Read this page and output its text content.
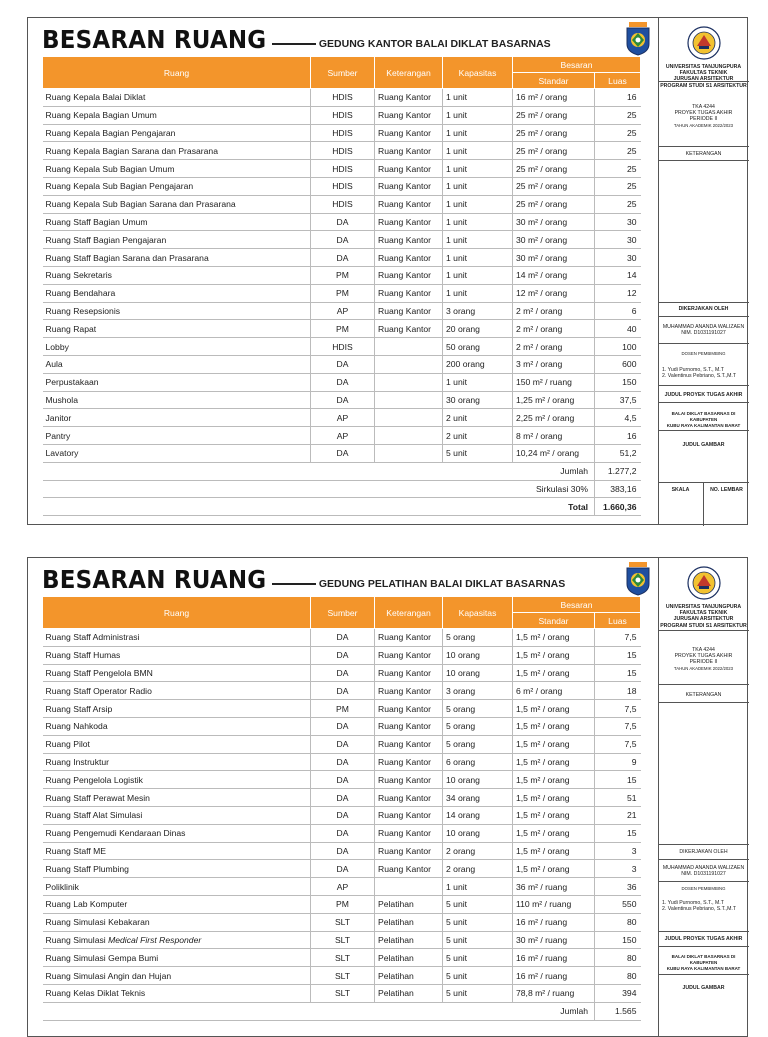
BESARAN RUANG	GEDUNG KANTOR BALAI DIKLAT BASARNAS
Ruang	Sumber	Keterangan	Kapasitas	Besaran	
				Standar	Luas
Ruang Kepala Balai Diklat	HDIS	Ruang Kantor	1 unit	16 m² / orang	16
Ruang Kepala Bagian Umum	HDIS	Ruang Kantor	1 unit	25 m² / orang	25
Ruang Kepala Bagian Pengajaran	HDIS	Ruang Kantor	1 unit	25 m² / orang	25
Ruang Kepala Bagian Sarana dan Prasarana	HDIS	Ruang Kantor	1 unit	25 m² / orang	25
Ruang Kepala Sub Bagian Umum	HDIS	Ruang Kantor	1 unit	25 m² / orang	25
Ruang Kepala Sub Bagian Pengajaran	HDIS	Ruang Kantor	1 unit	25 m² / orang	25
Ruang Kepala Sub Bagian Sarana dan Prasarana	HDIS	Ruang Kantor	1 unit	25 m² / orang	25
Ruang Staff Bagian Umum	DA	Ruang Kantor	1 unit	30 m² / orang	30
Ruang Staff Bagian Pengajaran	DA	Ruang Kantor	1 unit	30 m² / orang	30
Ruang Staff Bagian Sarana dan Prasarana	DA	Ruang Kantor	1 unit	30 m² / orang	30
Ruang Sekretaris	PM	Ruang Kantor	1 unit	14 m² / orang	14
Ruang Bendahara	PM	Ruang Kantor	1 unit	12 m² / orang	12
Ruang Resepsionis	AP	Ruang Kantor	3 orang	2 m² / orang	6
Ruang Rapat	PM	Ruang Kantor	20 orang	2 m² / orang	40
Lobby	HDIS		50 orang	2 m² / orang	100
Aula	DA		200 orang	3 m² / orang	600
Perpustakaan	DA		1 unit	150 m² / ruang	150
Mushola	DA		30 orang	1,25 m² / orang	37,5
Janitor	AP		2 unit	2,25 m² / orang	4,5
Pantry	AP		2 unit	8 m² / orang	16
Lavatory	DA		5 unit	10,24 m² / orang	51,2
Jumlah					1.277,2
Sirkulasi 30%					383,16
Total					1.660,36
UNIVERSITAS TANJUNGPURA
FAKULTAS TEKNIK
JURUSAN ARSITEKTUR
PROGRAM STUDI S1 ARSITEKTUR
TKA 4244
PROYEK TUGAS AKHIR
PERIODE II
TAHUN AKADEMIK 2022/2023
KETERANGAN
DIKERJAKAN OLEH
MUHAMMAD ANANDA WALIZAEN
NIM. D1031191027
DOSEN PEMBIMBING
1. Yudi Purnomo, S.T., M.T
2. Valentinus Pebriano, S.T.,M.T
JUDUL PROYEK TUGAS AKHIR
BALAI DIKLAT BASARNAS DI KABUPATEN
KUBU RAYA KALIMANTAN BARAT
JUDUL GAMBAR
SKALA	NO. LEMBAR
BESARAN RUANG	GEDUNG PELATIHAN BALAI DIKLAT BASARNAS
Ruang	Sumber	Keterangan	Kapasitas	Besaran	
				Standar	Luas
Ruang Staff Administrasi	DA	Ruang Kantor	5 orang	1,5 m² / orang	7,5
Ruang Staff Humas	DA	Ruang Kantor	10 orang	1,5 m² / orang	15
Ruang Staff Pengelola BMN	DA	Ruang Kantor	10 orang	1,5 m² / orang	15
Ruang Staff Operator Radio	DA	Ruang Kantor	3 orang	6 m² / orang	18
Ruang Staff Arsip	PM	Ruang Kantor	5 orang	1,5 m² / orang	7,5
Ruang Nahkoda	DA	Ruang Kantor	5 orang	1,5 m² / orang	7,5
Ruang Pilot	DA	Ruang Kantor	5 orang	1,5 m² / orang	7,5
Ruang Instruktur	DA	Ruang Kantor	6 orang	1,5 m² / orang	9
Ruang Pengelola Logistik	DA	Ruang Kantor	10 orang	1,5 m² / orang	15
Ruang Staff Perawat Mesin	DA	Ruang Kantor	34 orang	1,5 m² / orang	51
Ruang Staff Alat Simulasi	DA	Ruang Kantor	14 orang	1,5 m² / orang	21
Ruang Pengemudi Kendaraan Dinas	DA	Ruang Kantor	10 orang	1,5 m² / orang	15
Ruang Staff ME	DA	Ruang Kantor	2 orang	1,5 m² / orang	3
Ruang Staff Plumbing	DA	Ruang Kantor	2 orang	1,5 m² / orang	3
Poliklinik	AP		1 unit	36 m² / ruang	36
Ruang Lab Komputer	PM	Pelatihan	5 unit	110 m² / ruang	550
Ruang Simulasi Kebakaran	SLT	Pelatihan	5 unit	16 m² / ruang	80
Ruang Simulasi Medical First Responder	SLT	Pelatihan	5 unit	30 m² / ruang	150
Ruang Simulasi Gempa Bumi	SLT	Pelatihan	5 unit	16 m² / ruang	80
Ruang Simulasi Angin dan Hujan	SLT	Pelatihan	5 unit	16 m² / ruang	80
Ruang Kelas Diklat Teknis	SLT	Pelatihan	5 unit	78,8 m² / ruang	394
Jumlah					1.565
UNIVERSITAS TANJUNGPURA
FAKULTAS TEKNIK
JURUSAN ARSITEKTUR
PROGRAM STUDI S1 ARSITEKTUR
TKA 4244
PROYEK TUGAS AKHIR
PERIODE II
TAHUN AKADEMIK 2022/2023
KETERANGAN
DIKERJAKAN OLEH
MUHAMMAD ANANDA WALIZAEN
NIM. D1031191027
DOSEN PEMBIMBING
1. Yudi Purnomo, S.T., M.T
2. Valentinus Pebriano, S.T.,M.T
JUDUL PROYEK TUGAS AKHIR
BALAI DIKLAT BASARNAS DI KABUPATEN
KUBU RAYA KALIMANTAN BARAT
JUDUL GAMBAR
